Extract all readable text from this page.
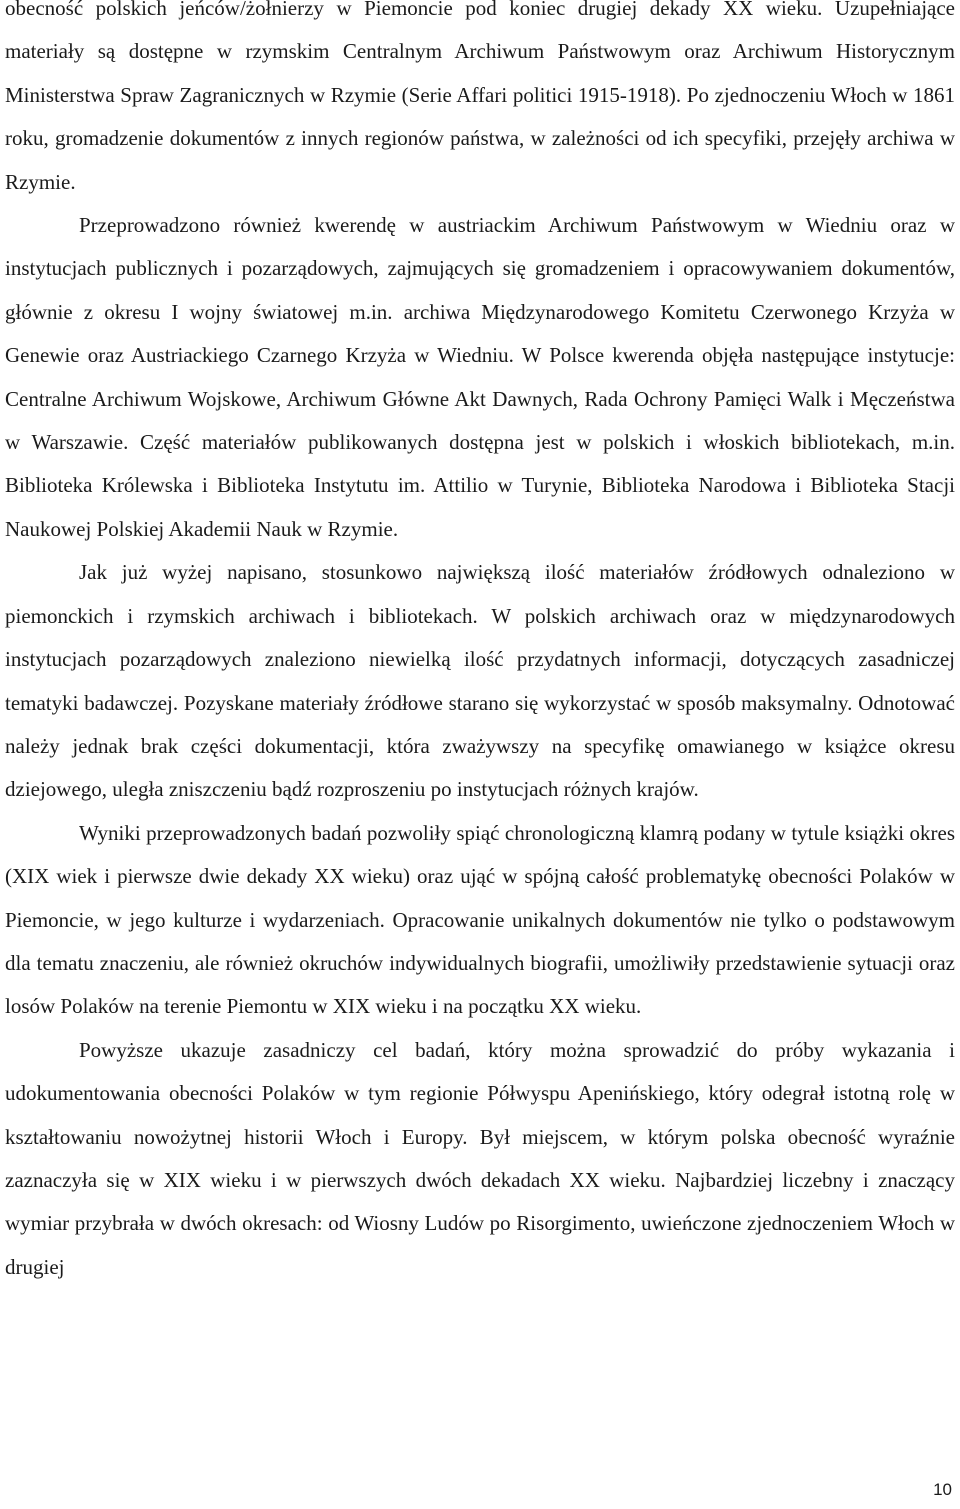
obecność polskich jeńców/żołnierzy w Piemoncie pod koniec drugiej dekady XX wieku. Uzupełniające materiały są dostępne w rzymskim Centralnym Archiwum Państwowym oraz Archiwum Historycznym Ministerstwa Spraw Zagranicznych w Rzymie (Serie Affari politici 1915-1918). Po zjednoczeniu Włoch w 1861 roku, gromadzenie dokumentów z innych regionów państwa, w zależności od ich specyfiki, przejęły archiwa w Rzymie.

Przeprowadzono również kwerendę w austriackim Archiwum Państwowym w Wiedniu oraz w instytucjach publicznych i pozarządowych, zajmujących się gromadzeniem i opracowywaniem dokumentów, głównie z okresu I wojny światowej m.in. archiwa Międzynarodowego Komitetu Czerwonego Krzyża w Genewie oraz Austriackiego Czarnego Krzyża w Wiedniu. W Polsce kwerenda objęła następujące instytucje: Centralne Archiwum Wojskowe, Archiwum Główne Akt Dawnych, Rada Ochrony Pamięci Walk i Męczeństwa w Warszawie. Część materiałów publikowanych dostępna jest w polskich i włoskich bibliotekach, m.in. Biblioteka Królewska i Biblioteka Instytutu im. Attilio w Turynie, Biblioteka Narodowa i Biblioteka Stacji Naukowej Polskiej Akademii Nauk w Rzymie.

Jak już wyżej napisano, stosunkowo największą ilość materiałów źródłowych odnaleziono w piemonckich i rzymskich archiwach i bibliotekach. W polskich archiwach oraz w międzynarodowych instytucjach pozarządowych znaleziono niewielką ilość przydatnych informacji, dotyczących zasadniczej tematyki badawczej. Pozyskane materiały źródłowe starano się wykorzystać w sposób maksymalny. Odnotować należy jednak brak części dokumentacji, która zważywszy na specyfikę omawianego w książce okresu dziejowego, uległa zniszczeniu bądź rozproszeniu po instytucjach różnych krajów.

Wyniki przeprowadzonych badań pozwoliły spiąć chronologiczną klamrą podany w tytule książki okres (XIX wiek i pierwsze dwie dekady XX wieku) oraz ująć w spójną całość problematykę obecności Polaków w Piemoncie, w jego kulturze i wydarzeniach. Opracowanie unikalnych dokumentów nie tylko o podstawowym dla tematu znaczeniu, ale również okruchów indywidualnych biografii, umożliwiły przedstawienie sytuacji oraz losów Polaków na terenie Piemontu w XIX wieku i na początku XX wieku.

Powyższe ukazuje zasadniczy cel badań, który można sprowadzić do próby wykazania i udokumentowania obecności Polaków w tym regionie Półwyspu Apenińskiego, który odegrał istotną rolę w kształtowaniu nowożytnej historii Włoch i Europy. Był miejscem, w którym polska obecność wyraźnie zaznaczyła się w XIX wieku i w pierwszych dwóch dekadach XX wieku. Najbardziej liczebny i znaczący wymiar przybrała w dwóch okresach: od Wiosny Ludów po Risorgimento, uwieńczone zjednoczeniem Włoch w drugiej

10
